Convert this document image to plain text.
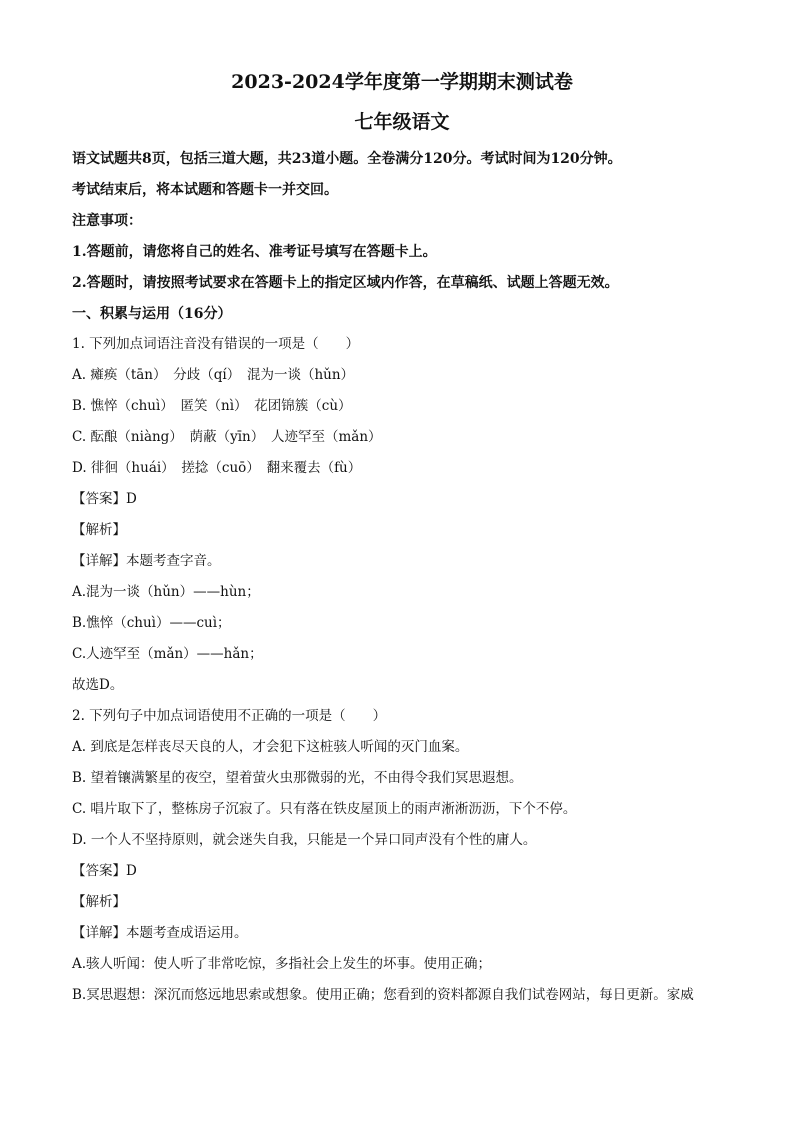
2023-2024学年度第一学期期末测试卷
七年级语文
语文试题共8页，包括三道大题，共23道小题。全卷满分120分。考试时间为120分钟。
考试结束后，将本试题和答题卡一并交回。
注意事项：
1.答题前，请您将自己的姓名、准考证号填写在答题卡上。
2.答题时，请按照考试要求在答题卡上的指定区域内作答，在草稿纸、试题上答题无效。
一、积累与运用（16分）
1. 下列加点词语注音没有错误的一项是（　　）
A. 瘫痪（tān）　分歧（qí）　混为一谈（hǔn）
B. 憔悴（chuì）　匿笑（nì）　花团锦簇（cù）
C. 酝酿（niàng）　荫蔽（yīn）　人迹罕至（mǎn）
D. 徘徊（huái）　搓捻（cuō）　翻来覆去（fù）
【答案】D
【解析】
【详解】本题考查字音。
A.混为一谈（hǔn）——hùn；
B.憔悴（chuì）——cuì；
C.人迹罕至（mǎn）——hǎn；
故选D。
2. 下列句子中加点词语使用不正确的一项是（　　）
A. 到底是怎样丧尽天良的人，才会犯下这桩骇人听闻的灭门血案。
B. 望着镶满繁星的夜空，望着萤火虫那微弱的光，不由得令我们冥思遐想。
C. 唱片取下了，整栋房子沉寂了。只有落在铁皮屋顶上的雨声淅淅沥沥，下个不停。
D. 一个人不坚持原则，就会迷失自我，只能是一个异口同声没有个性的庸人。
【答案】D
【解析】
【详解】本题考查成语运用。
A.骇人听闻：使人听了非常吃惊，多指社会上发生的坏事。使用正确；
B.冥思遐想：深沉而悠远地思索或想象。使用正确；您看到的资料都源自我们试卷网站，每日更新。家威
